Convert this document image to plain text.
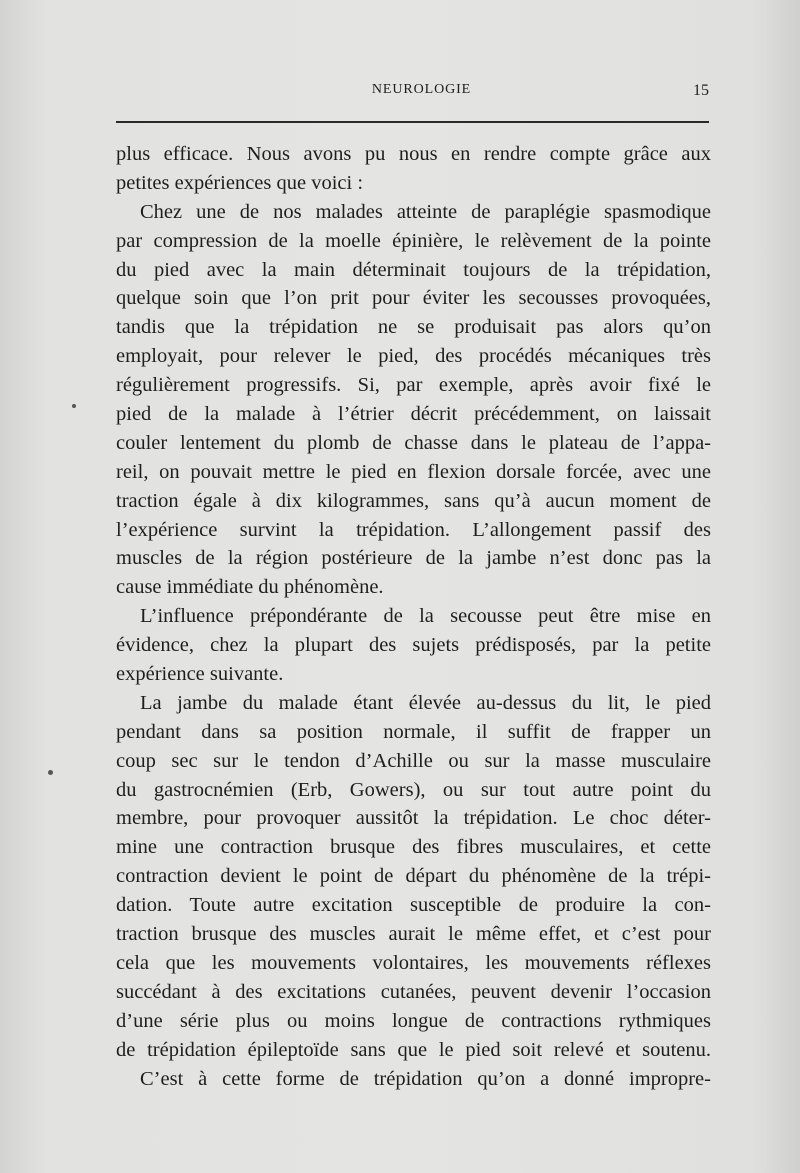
NEUROLOGIE	15
plus efficace. Nous avons pu nous en rendre compte grâce aux
petites expériences que voici :
Chez une de nos malades atteinte de paraplégie spasmodique
par compression de la moelle épinière, le relèvement de la pointe
du pied avec la main déterminait toujours de la trépidation,
quelque soin que l’on prit pour éviter les secousses provoquées,
tandis que la trépidation ne se produisait pas alors qu’on
employait, pour relever le pied, des procédés mécaniques très
régulièrement progressifs. Si, par exemple, après avoir fixé le
pied de la malade à l’étrier décrit précédemment, on laissait
couler lentement du plomb de chasse dans le plateau de l’appa-
reil, on pouvait mettre le pied en flexion dorsale forcée, avec une
traction égale à dix kilogrammes, sans qu’à aucun moment de
l’expérience survint la trépidation. L’allongement passif des
muscles de la région postérieure de la jambe n’est donc pas la
cause immédiate du phénomène.
L’influence prépondérante de la secousse peut être mise en
évidence, chez la plupart des sujets prédisposés, par la petite
expérience suivante.
La jambe du malade étant élevée au-dessus du lit, le pied
pendant dans sa position normale, il suffit de frapper un
coup sec sur le tendon d’Achille ou sur la masse musculaire
du gastrocnémien (Erb, Gowers), ou sur tout autre point du
membre, pour provoquer aussitôt la trépidation. Le choc déter-
mine une contraction brusque des fibres musculaires, et cette
contraction devient le point de départ du phénomène de la trépi-
dation. Toute autre excitation susceptible de produire la con-
traction brusque des muscles aurait le même effet, et c’est pour
cela que les mouvements volontaires, les mouvements réflexes
succédant à des excitations cutanées, peuvent devenir l’occasion
d’une série plus ou moins longue de contractions rythmiques
de trépidation épileptoïde sans que le pied soit relevé et soutenu.
C’est à cette forme de trépidation qu’on a donné impropre-
